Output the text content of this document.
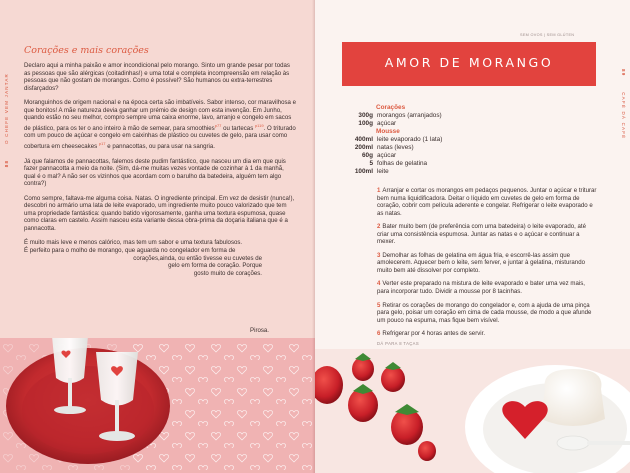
88    O CHEFE VEM JANTAR
Corações e mais corações

Declaro aqui a minha paixão e amor incondicional pelo morango. Sinto um grande pesar por todas as pessoas que são alérgicas (coitadinhas!) e uma total e completa incompreensão em relação às pessoas que não gostam de morangos. Como é possível? São humanos ou extra-terrestres disfarçados?

Moranguinhos de origem nacional e na época certa são imbatíveis. Sabor intenso, cor maravilhosa e que bonitos! A mãe natureza devia ganhar um prémio de design com esta invenção. Em Junho, quando estão no seu melhor, compro sempre uma caixa enorme, lavo, arranjo e congelo em sacos de plástico, para os ter o ano inteiro à mão de semear, para smoothies$^{p77}$ ou tartecas $^{p119}$. O triturado com um pouco de açúcar e congelo em caixinhas de plástico ou cuvetes de gelo, para usar como cobertura em cheesecakes $^{p17}$ e pannacottas, ou para usar na sangria.

Já que falamos de pannacottas, falemos deste pudim fantástico, que nasceu um dia em que quis fazer pannacotta a meio da noite. (Sim, dá-me muitas vezes vontade de cozinhar à 1 da manhã, qual é o mal? A não ser os vizinhos que acordam com o barulho da batedeira, alguém tem algo contra?)

Como sempre, faltava-me alguma coisa. Natas. O ingrediente principal. Em vez de desistir (nunca!), descobri no armário uma lata de leite evaporado, um ingrediente muito pouco valorizado que tem uma propriedade fantástica: quando batido vigorosamente, ganha uma textura espumosa, quase como claras em castelo. Assim nasceu esta variante dessa obra-prima da doçaria italiana que é a pannacotta.

É muito mais leve e menos calórico, mas tem um sabor e uma textura fabulosos.
É perfeito para o molho de morango, que aguarda no congelador em forma de

corações,ainda, ou então tivesse eu cuvetes de
gelo em forma de coração. Porque
gosto muito de corações.
Pirosa.
SEM OVOS | SEM GLÚTEN
89    CAFÉ DÁ CAFÉ
AMOR DE MORANGO
Corações
300g morangos (arranjados)
100g açúcar
Mousse
400ml leite evaporado (1 lata)
200ml natas (leves)
60g açúcar
5 folhas de gelatina
100ml leite

1 Arranjar e cortar os morangos em pedaços pequenos. Juntar o açúcar e triturar bem numa liquidificadora. Deitar o líquido em cuvetes de gelo em forma de coração, cobrir com película aderente e congelar. Refrigerar o leite evaporado e as natas.

2 Bater muito bem (de preferência com uma batedeira) o leite evaporado, até criar uma consistência espumosa. Juntar as natas e o açúcar e continuar a mexer.

3 Demolhar as folhas de gelatina em água fria, e escorrê-las assim que amolecerem. Aquecer bem o leite, sem ferver, e juntar à gelatina, misturando muito bem até dissolver por completo.

4 Verter este preparado na mistura de leite evaporado e bater uma vez mais, para incorporar tudo. Dividir a mousse por 8 tacinhas.

5 Retirar os corações de morango do congelador e, com a ajuda de uma pinça para gelo, poisar um coração em cima de cada mousse, de modo a que afunde um pouco na espuma, mas fique bem visível.

6 Refrigerar por 4 horas antes de servir.

DÁ PARA 8 TAÇAS
